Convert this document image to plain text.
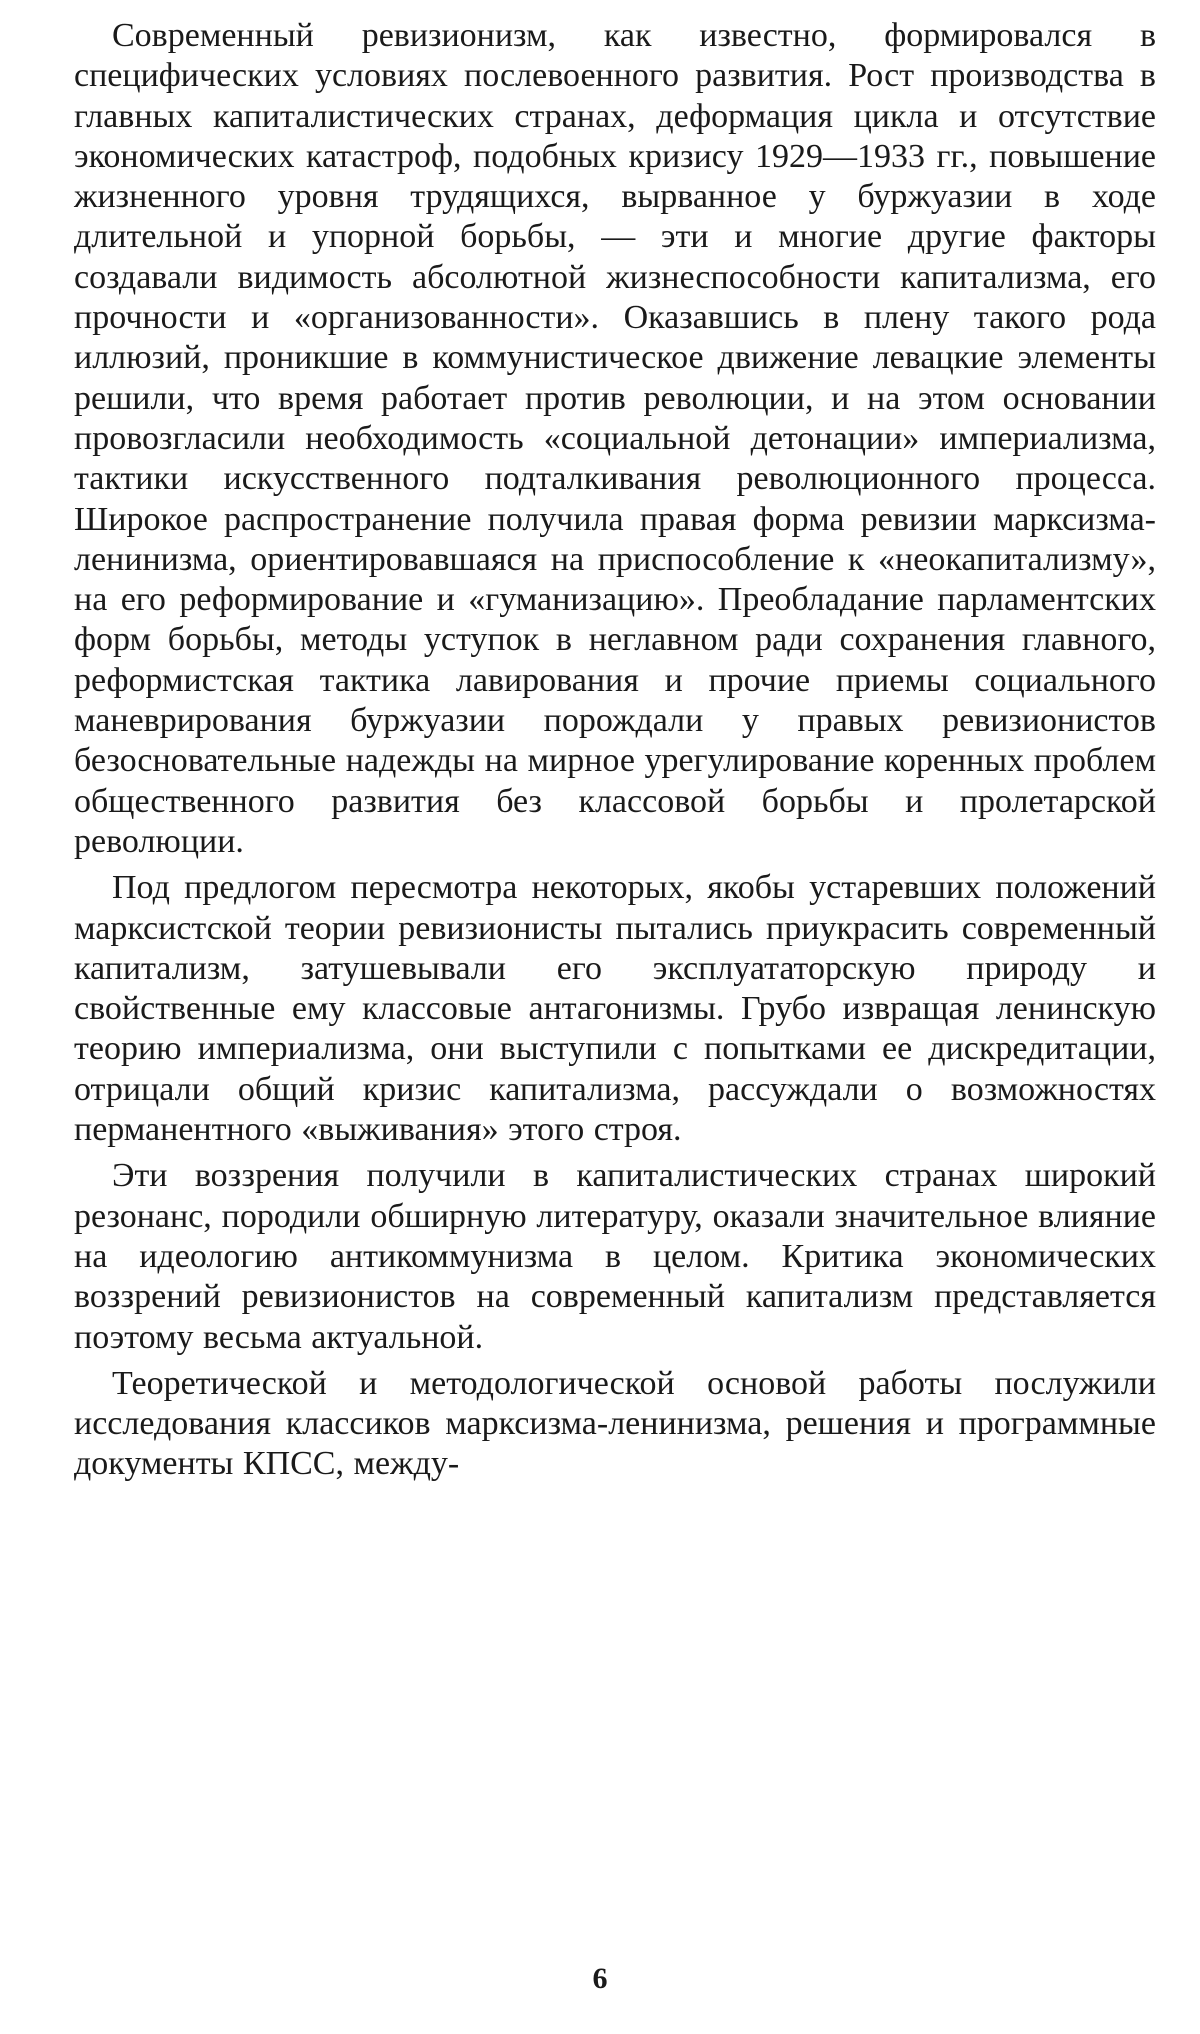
Современный ревизионизм, как известно, формировался в специфических условиях послевоенного развития. Рост производства в главных капиталистических странах, деформация цикла и отсутствие экономических катастроф, подобных кризису 1929—1933 гг., повышение жизненного уровня трудящихся, вырванное у буржуазии в ходе длительной и упорной борьбы, — эти и многие другие факторы создавали видимость абсолютной жизнеспособности капитализма, его прочности и «организованности». Оказавшись в плену такого рода иллюзий, проникшие в коммунистическое движение левацкие элементы решили, что время работает против революции, и на этом основании провозгласили необходимость «социальной детонации» империализма, тактики искусственного подталкивания революционного процесса. Широкое распространение получила правая форма ревизии марксизма-ленинизма, ориентировавшаяся на приспособление к «неокапитализму», на его реформирование и «гуманизацию». Преобладание парламентских форм борьбы, методы уступок в неглавном ради сохранения главного, реформистская тактика лавирования и прочие приемы социального маневрирования буржуазии порождали у правых ревизионистов безосновательные надежды на мирное урегулирование коренных проблем общественного развития без классовой борьбы и пролетарской революции.

Под предлогом пересмотра некоторых, якобы устаревших положений марксистской теории ревизионисты пытались приукрасить современный капитализм, затушевывали его эксплуататорскую природу и свойственные ему классовые антагонизмы. Грубо извращая ленинскую теорию империализма, они выступили с попытками ее дискредитации, отрицали общий кризис капитализма, рассуждали о возможностях перманентного «выживания» этого строя.

Эти воззрения получили в капиталистических странах широкий резонанс, породили обширную литературу, оказали значительное влияние на идеологию антикоммунизма в целом. Критика экономических воззрений ревизионистов на современный капитализм представляется поэтому весьма актуальной.

Теоретической и методологической основой работы послужили исследования классиков марксизма-ленинизма, решения и программные документы КПСС, между-

6
